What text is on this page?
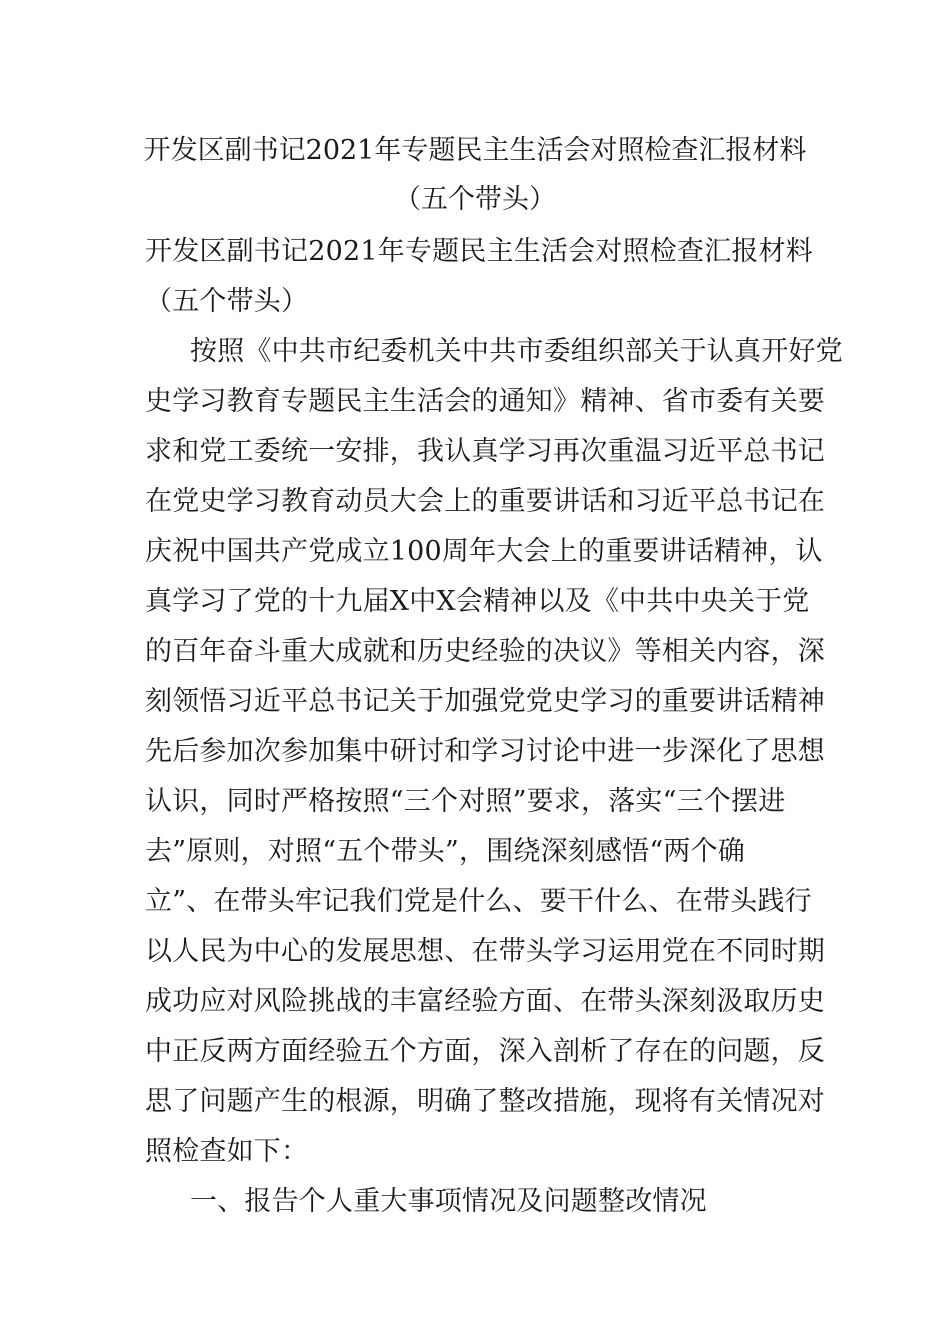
开发区副书记2021年专题民主生活会对照检查汇报材料
（五个带头）
开发区副书记2021年专题民主生活会对照检查汇报材料
（五个带头）
按照《中共市纪委机关中共市委组织部关于认真开好党
史学习教育专题民主生活会的通知》精神、省市委有关要
求和党工委统一安排，我认真学习再次重温习近平总书记
在党史学习教育动员大会上的重要讲话和习近平总书记在
庆祝中国共产党成立100周年大会上的重要讲话精神，认
真学习了党的十九届X中X会精神以及《中共中央关于党
的百年奋斗重大成就和历史经验的决议》等相关内容，深
刻领悟习近平总书记关于加强党党史学习的重要讲话精神
先后参加次参加集中研讨和学习讨论中进一步深化了思想
认识，同时严格按照“三个对照”要求，落实“三个摆进
去”原则，对照“五个带头”，围绕深刻感悟“两个确
立”、在带头牢记我们党是什么、要干什么、在带头践行
以人民为中心的发展思想、在带头学习运用党在不同时期
成功应对风险挑战的丰富经验方面、在带头深刻汲取历史
中正反两方面经验五个方面，深入剖析了存在的问题，反
思了问题产生的根源，明确了整改措施，现将有关情况对
照检查如下：
一、报告个人重大事项情况及问题整改情况
